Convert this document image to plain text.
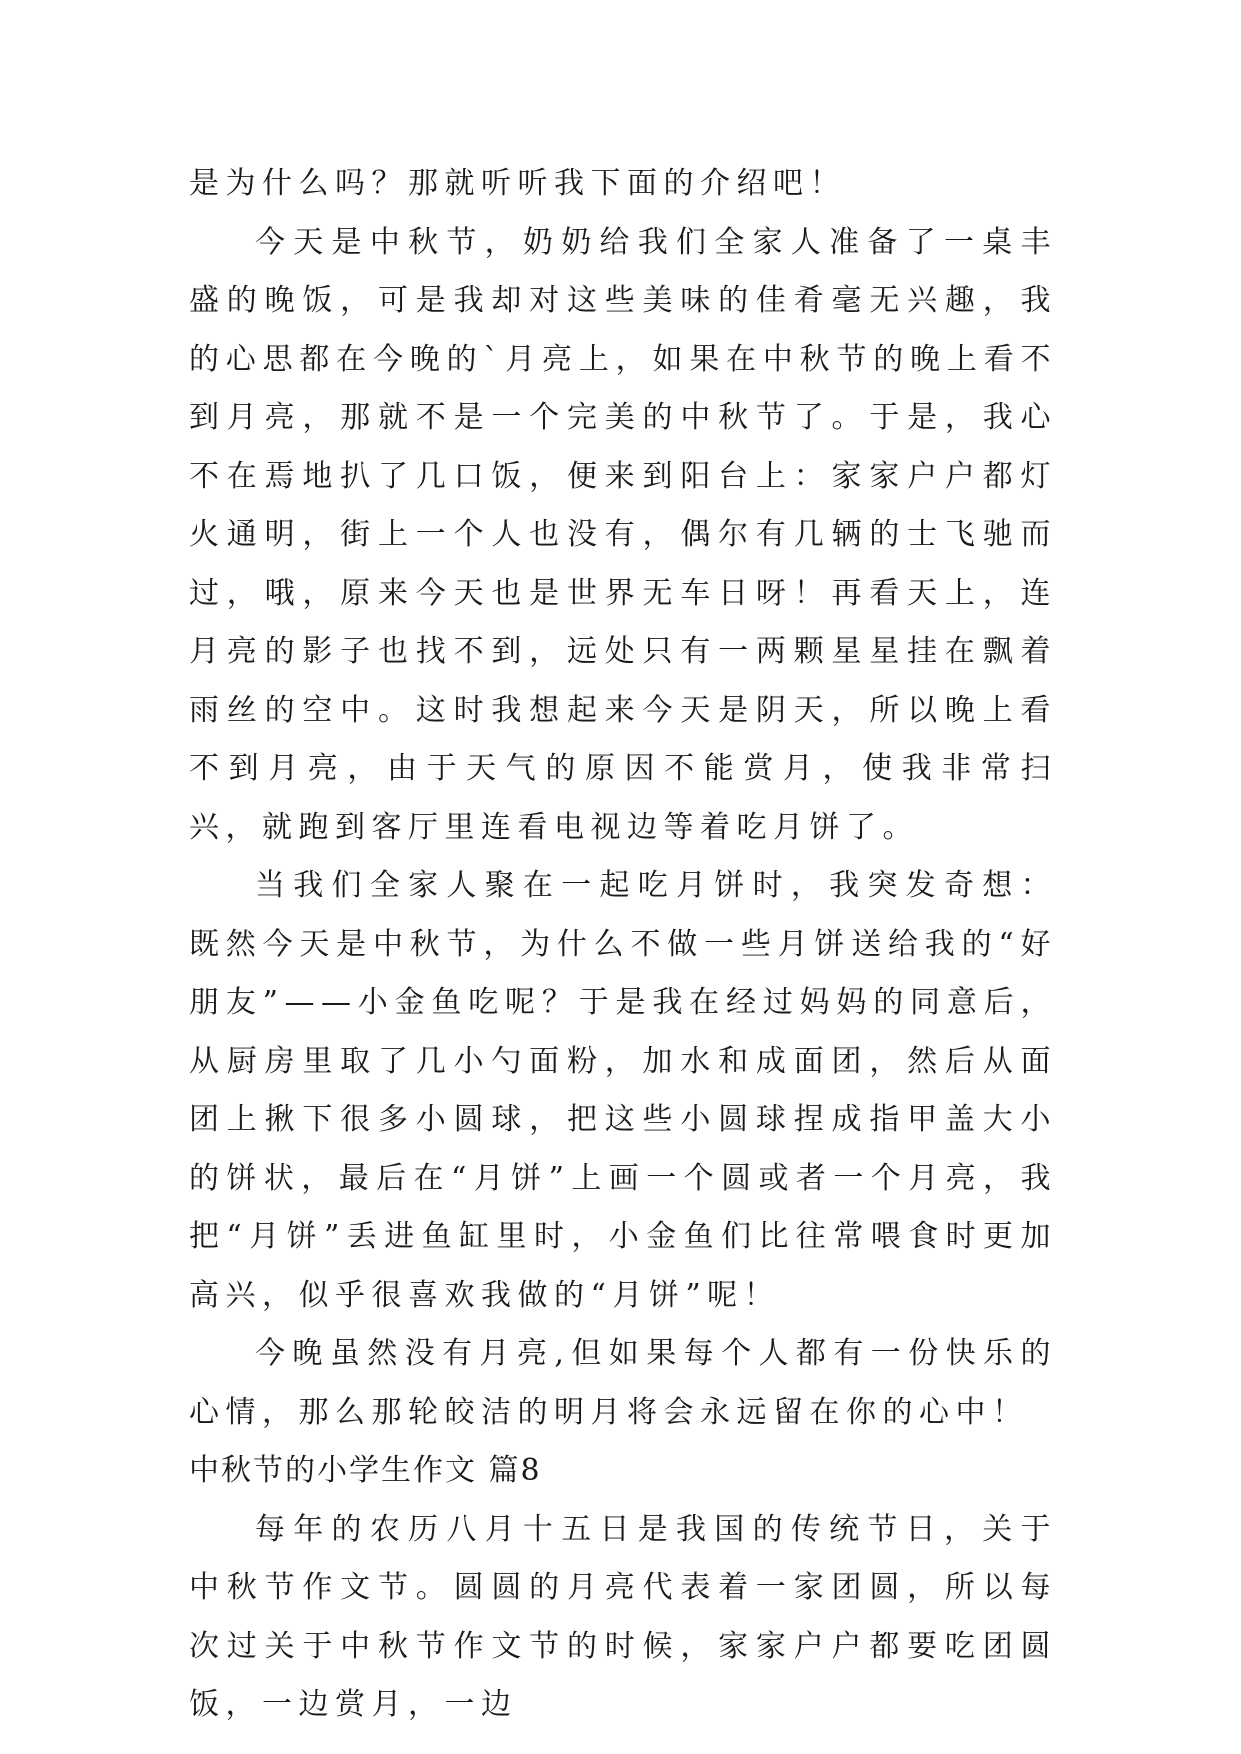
是为什么吗？那就听听我下面的介绍吧！

今天是中秋节，奶奶给我们全家人准备了一桌丰盛的晚饭，可是我却对这些美味的佳肴毫无兴趣，我的心思都在今晚的`月亮上，如果在中秋节的晚上看不到月亮，那就不是一个完美的中秋节了。于是，我心不在焉地扒了几口饭，便来到阳台上：家家户户都灯火通明，街上一个人也没有，偶尔有几辆的士飞驰而过，哦，原来今天也是世界无车日呀！再看天上，连月亮的影子也找不到，远处只有一两颗星星挂在飘着雨丝的空中。这时我想起来今天是阴天，所以晚上看不到月亮，由于天气的原因不能赏月，使我非常扫兴，就跑到客厅里连看电视边等着吃月饼了。

当我们全家人聚在一起吃月饼时，我突发奇想：既然今天是中秋节，为什么不做一些月饼送给我的“好朋友”——小金鱼吃呢？于是我在经过妈妈的同意后，从厨房里取了几小勺面粉，加水和成面团，然后从面团上揪下很多小圆球，把这些小圆球捏成指甲盖大小的饼状，最后在“月饼”上画一个圆或者一个月亮，我把“月饼”丢进鱼缸里时，小金鱼们比往常喂食时更加高兴，似乎很喜欢我做的“月饼”呢！

今晚虽然没有月亮,但如果每个人都有一份快乐的心情，那么那轮皎洁的明月将会永远留在你的心中！

中秋节的小学生作文 篇8

每年的农历八月十五日是我国的传统节日，关于中秋节作文节。圆圆的月亮代表着一家团圆，所以每次过关于中秋节作文节的时候，家家户户都要吃团圆饭，一边赏月，一边
